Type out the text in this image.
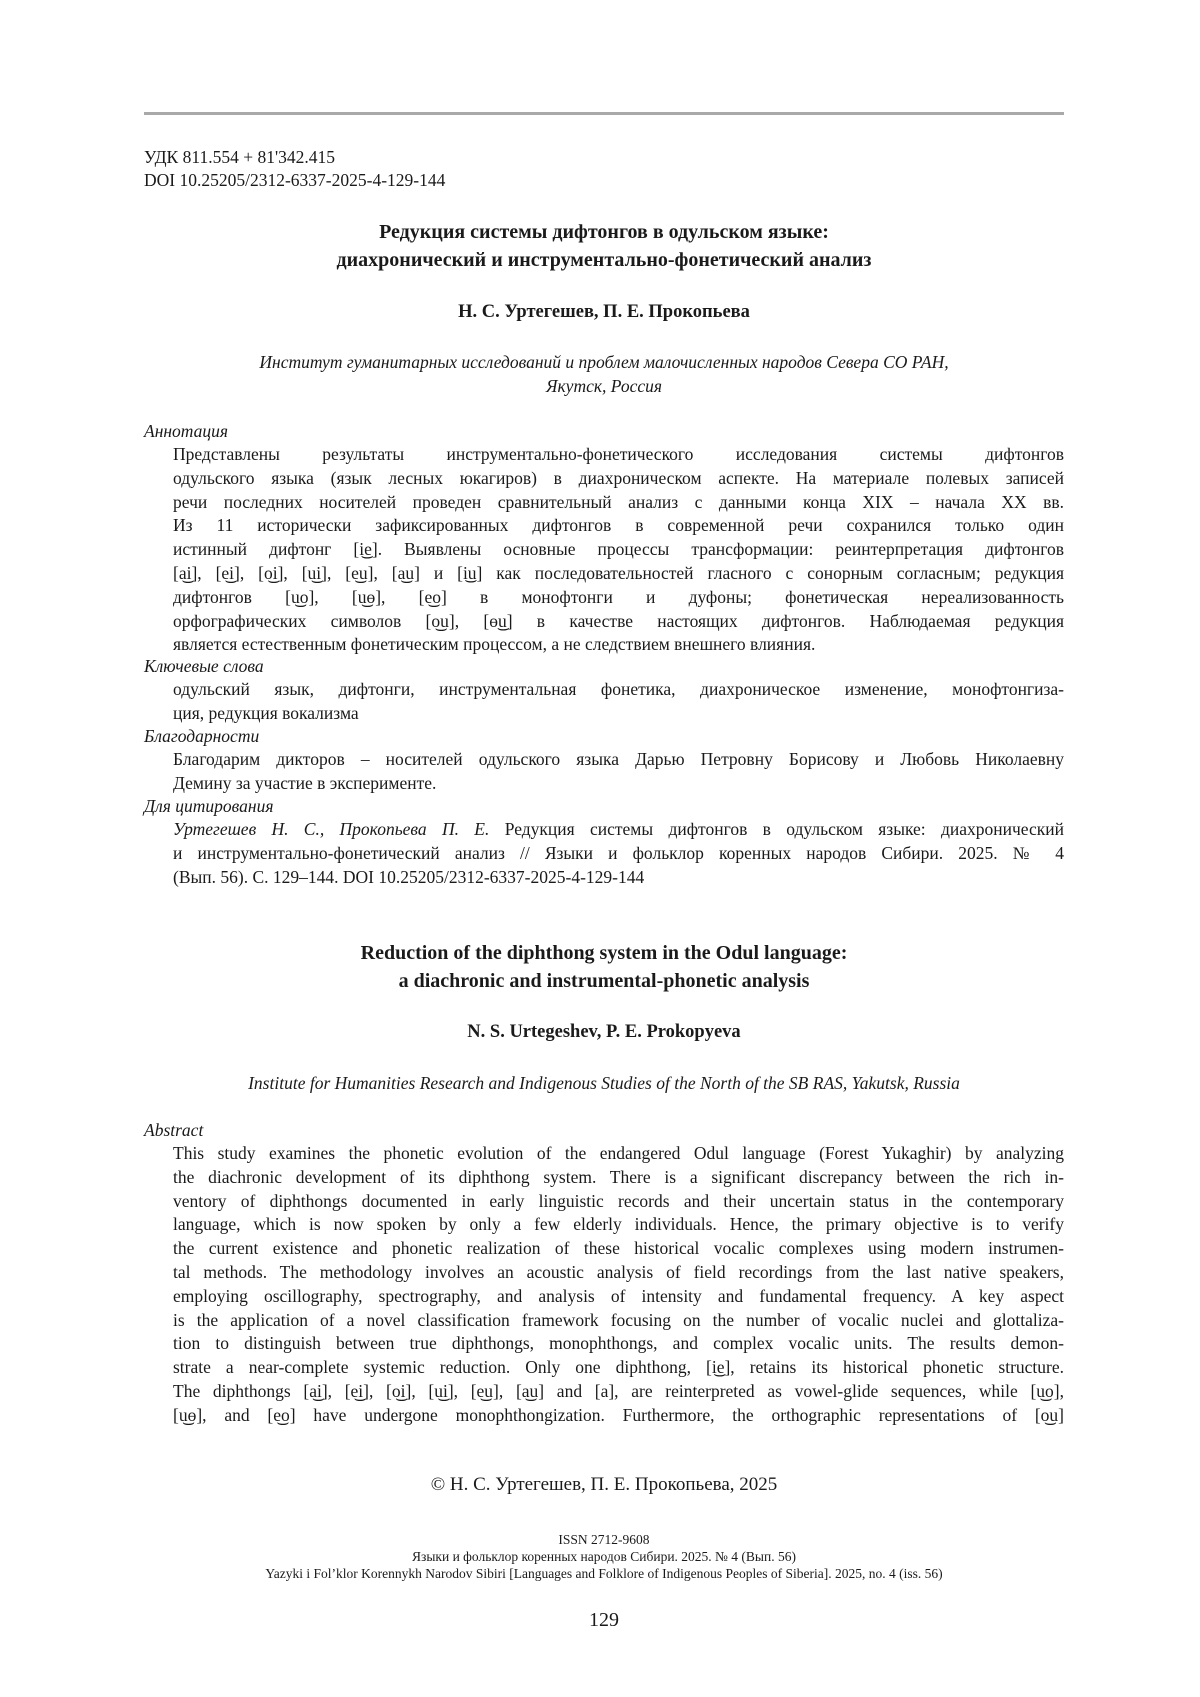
УДК 811.554 + 81'342.415
DOI 10.25205/2312-6337-2025-4-129-144
Редукция системы дифтонгов в одульском языке:
диахронический и инструментально-фонетический анализ
Н. С. Уртегешев, П. Е. Прокопьева
Институт гуманитарных исследований и проблем малочисленных народов Севера СО РАН,
Якутск, Россия
Аннотация
Представлены результаты инструментально-фонетического исследования системы дифтонгов
одульского языка (язык лесных юкагиров) в диахроническом аспекте. На материале полевых записей
речи последних носителей проведен сравнительный анализ с данными конца XIX – начала XX вв.
Из 11 исторически зафиксированных дифтонгов в современной речи сохранился только один
истинный дифтонг [i͜e]. Выявлены основные процессы трансформации: реинтерпретация дифтонгов
[a͜i], [e͜i], [o͜i], [u͜i], [e͜u], [a͜u] и [i͜u] как последовательностей гласного с сонорным согласным; редукция
дифтонгов [u͜o], [u͜ɵ], [e͜o] в монофтонги и дуфоны; фонетическая нереализованность
орфографических символов [o͜u], [ɵ͜u] в качестве настоящих дифтонгов. Наблюдаемая редукция
является естественным фонетическим процессом, а не следствием внешнего влияния.
Ключевые слова
одульский язык, дифтонги, инструментальная фонетика, диахроническое изменение, монофтонгиза-
ция, редукция вокализма
Благодарности
Благодарим дикторов – носителей одульского языка Дарью Петровну Борисову и Любовь Николаевну
Демину за участие в эксперименте.
Для цитирования
Уртегешев Н. С., Прокопьева П. Е. Редукция системы дифтонгов в одульском языке: диахронический
и инструментально-фонетический анализ // Языки и фольклор коренных народов Сибири. 2025. № 4
(Вып. 56). С. 129–144. DOI 10.25205/2312-6337-2025-4-129-144
Reduction of the diphthong system in the Odul language:
a diachronic and instrumental-phonetic analysis
N. S. Urtegeshev, P. E. Prokopyeva
Institute for Humanities Research and Indigenous Studies of the North of the SB RAS, Yakutsk, Russia
Abstract
This study examines the phonetic evolution of the endangered Odul language (Forest Yukaghir) by analyzing
the diachronic development of its diphthong system. There is a significant discrepancy between the rich in-
ventory of diphthongs documented in early linguistic records and their uncertain status in the contemporary
language, which is now spoken by only a few elderly individuals. Hence, the primary objective is to verify
the current existence and phonetic realization of these historical vocalic complexes using modern instrumen-
tal methods. The methodology involves an acoustic analysis of field recordings from the last native speakers,
employing oscillography, spectrography, and analysis of intensity and fundamental frequency. A key aspect
is the application of a novel classification framework focusing on the number of vocalic nuclei and glottaliza-
tion to distinguish between true diphthongs, monophthongs, and complex vocalic units. The results demon-
strate a near-complete systemic reduction. Only one diphthong, [i͜e], retains its historical phonetic structure.
The diphthongs [a͜i], [e͜i], [o͜i], [u͜i], [e͜u], [a͜u] and [a], are reinterpreted as vowel-glide sequences, while [u͜o],
[u͜ɵ], and [e͜o] have undergone monophthongization. Furthermore, the orthographic representations of [o͜u]
© Н. С. Уртегешев, П. Е. Прокопьева, 2025
ISSN 2712-9608
Языки и фольклор коренных народов Сибири. 2025. № 4 (Вып. 56)
Yazyki i Fol’klor Korennykh Narodov Sibiri [Languages and Folklore of Indigenous Peoples of Siberia]. 2025, no. 4 (iss. 56)
129
